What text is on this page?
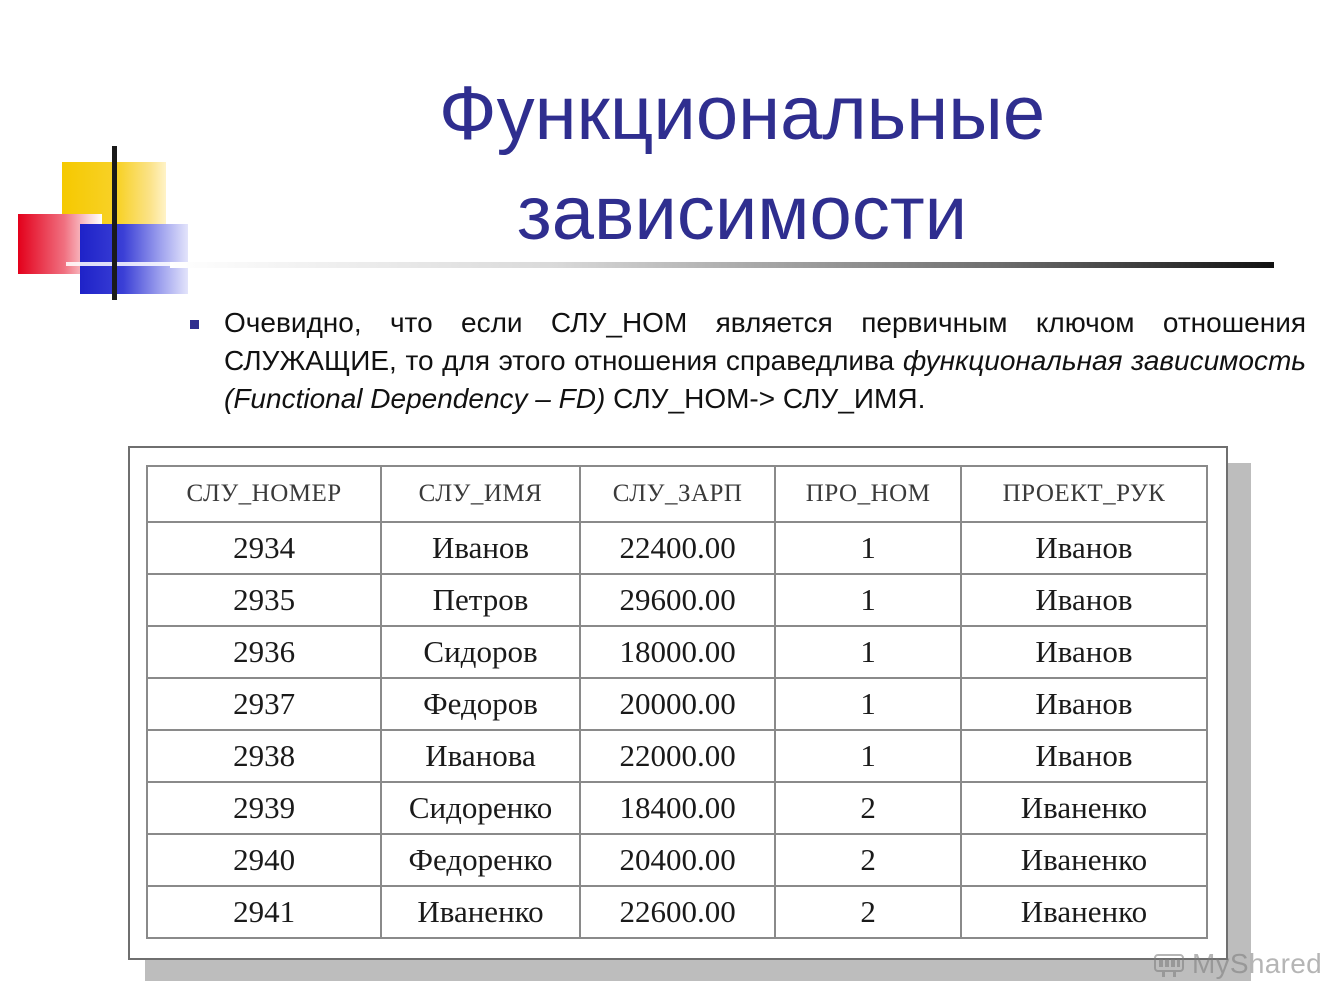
Функциональные
зависимости
Очевидно, что если СЛУ_НОМ является первичным ключом отношения СЛУЖАЩИЕ, то для этого отношения справедлива функциональная зависимость (Functional Dependency – FD) СЛУ_НОМ-> СЛУ_ИМЯ.
СЛУ_НОМЕР	СЛУ_ИМЯ	СЛУ_ЗАРП	ПРО_НОМ	ПРОЕКТ_РУК
2934	Иванов	22400.00	1	Иванов
2935	Петров	29600.00	1	Иванов
2936	Сидоров	18000.00	1	Иванов
2937	Федоров	20000.00	1	Иванов
2938	Иванова	22000.00	1	Иванов
2939	Сидоренко	18400.00	2	Иваненко
2940	Федоренко	20400.00	2	Иваненко
2941	Иваненко	22600.00	2	Иваненко
MyShared
